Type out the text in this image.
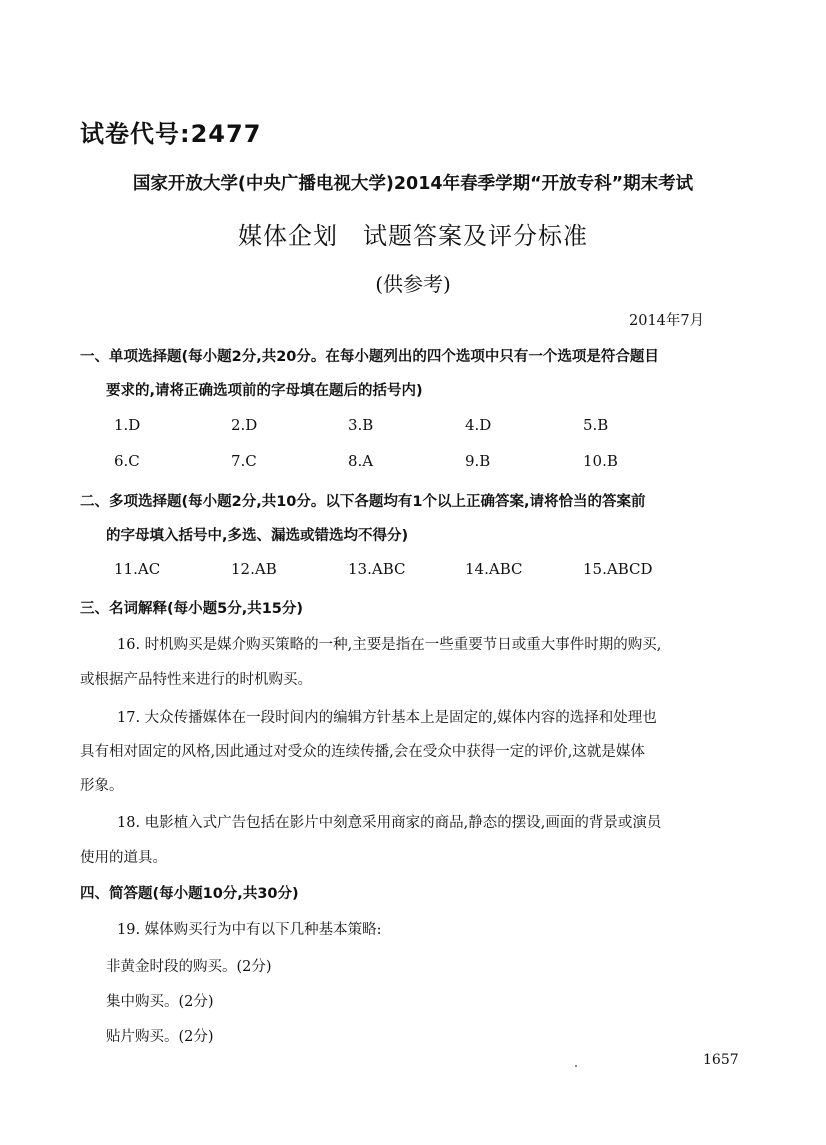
试卷代号:2477
国家开放大学(中央广播电视大学)2014年春季学期“开放专科”期末考试
媒体企划　试题答案及评分标准
(供参考)
2014年7月
一、单项选择题(每小题2分,共20分。在每小题列出的四个选项中只有一个选项是符合题目
要求的,请将正确选项前的字母填在题后的括号内)
1.D	2.D	3.B	4.D	5.B
6.C	7.C	8.A	9.B	10.B
二、多项选择题(每小题2分,共10分。以下各题均有1个以上正确答案,请将恰当的答案前
的字母填入括号中,多选、漏选或错选均不得分)
11.AC	12.AB	13.ABC	14.ABC	15.ABCD
三、名词解释(每小题5分,共15分)
16. 时机购买是媒介购买策略的一种,主要是指在一些重要节日或重大事件时期的购买,
或根据产品特性来进行的时机购买。
17. 大众传播媒体在一段时间内的编辑方针基本上是固定的,媒体内容的选择和处理也
具有相对固定的风格,因此通过对受众的连续传播,会在受众中获得一定的评价,这就是媒体
形象。
18. 电影植入式广告包括在影片中刻意采用商家的商品,静态的摆设,画面的背景或演员
使用的道具。
四、简答题(每小题10分,共30分)
19. 媒体购买行为中有以下几种基本策略:
非黄金时段的购买。(2分)
集中购买。(2分)
贴片购买。(2分)
1657
